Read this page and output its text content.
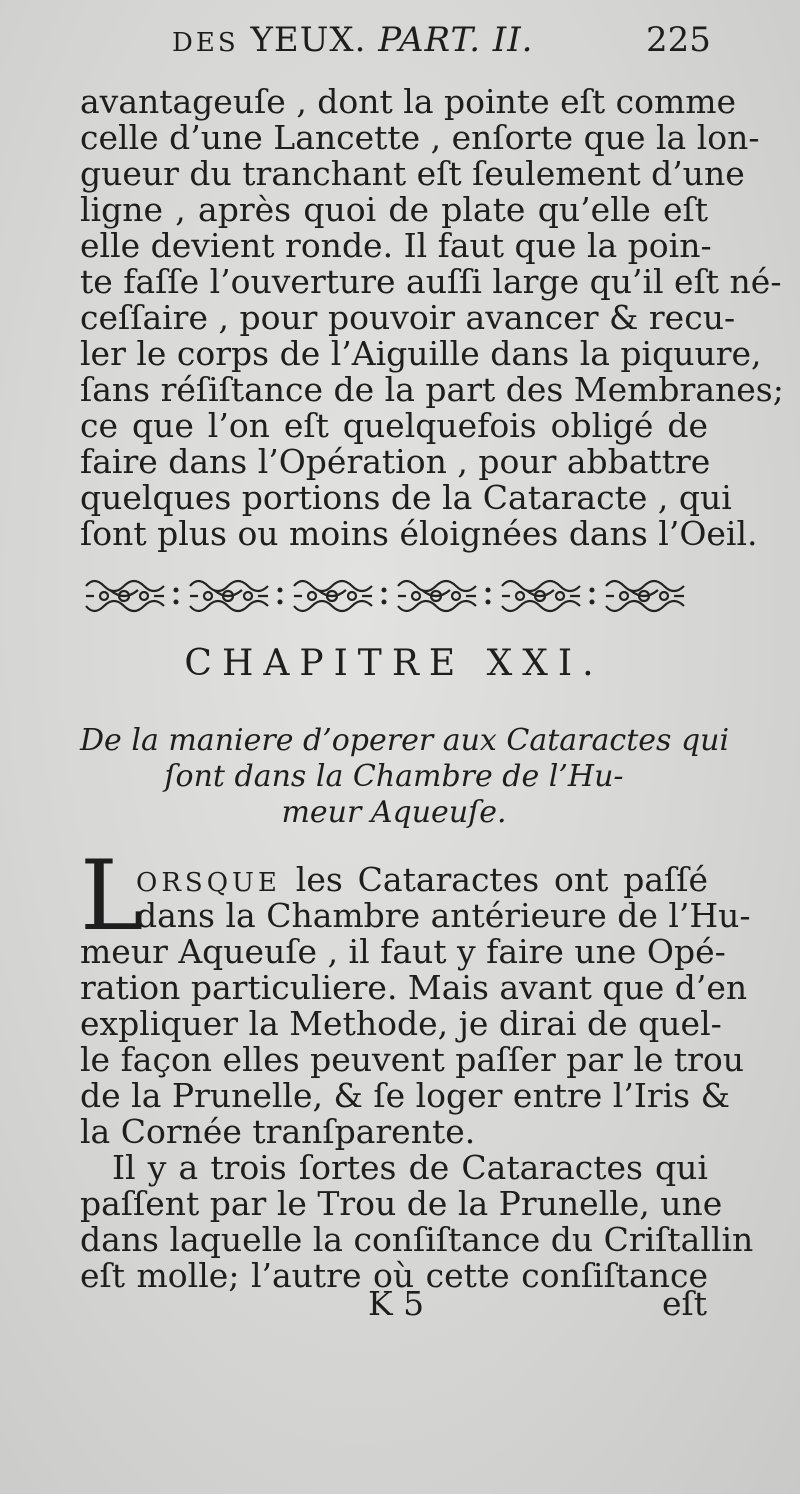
DES YEUX. PART. II.	225
avantageuſe , dont la pointe eſt comme
celle d’une Lancette , enſorte que la lon-
gueur du tranchant eſt ſeulement d’une
ligne , après quoi de plate qu’elle eſt
elle devient ronde. Il faut que la poin-
te faſſe l’ouverture auſſi large qu’il eſt né-
ceſſaire , pour pouvoir avancer & recu-
ler le corps de l’Aiguille dans la piquure,
ſans réſiſtance de la part des Membranes;
ce que l’on eſt quelquefois obligé de
faire dans l’Opération , pour abbattre
quelques portions de la Cataracte , qui
ſont plus ou moins éloignées dans l’Oeil.
CHAPITRE XXI.
De la maniere d’operer aux Cataractes qui
ſont dans la Chambre de l’Hu-
meur Aqueuſe.
L
ORSQUE les Cataractes ont paſſé
dans la Chambre antérieure de l’Hu-
meur Aqueuſe , il faut y faire une Opé-
ration particuliere. Mais avant que d’en
expliquer la Methode, je dirai de quel-
le façon elles peuvent paſſer par le trou
de la Prunelle, & ſe loger entre l’Iris &
la Cornée tranſparente.
Il y a trois ſortes de Cataractes qui
paſſent par le Trou de la Prunelle, une
dans laquelle la conſiſtance du Criſtallin
eſt molle; l’autre où cette conſiſtance
K 5	eſt
